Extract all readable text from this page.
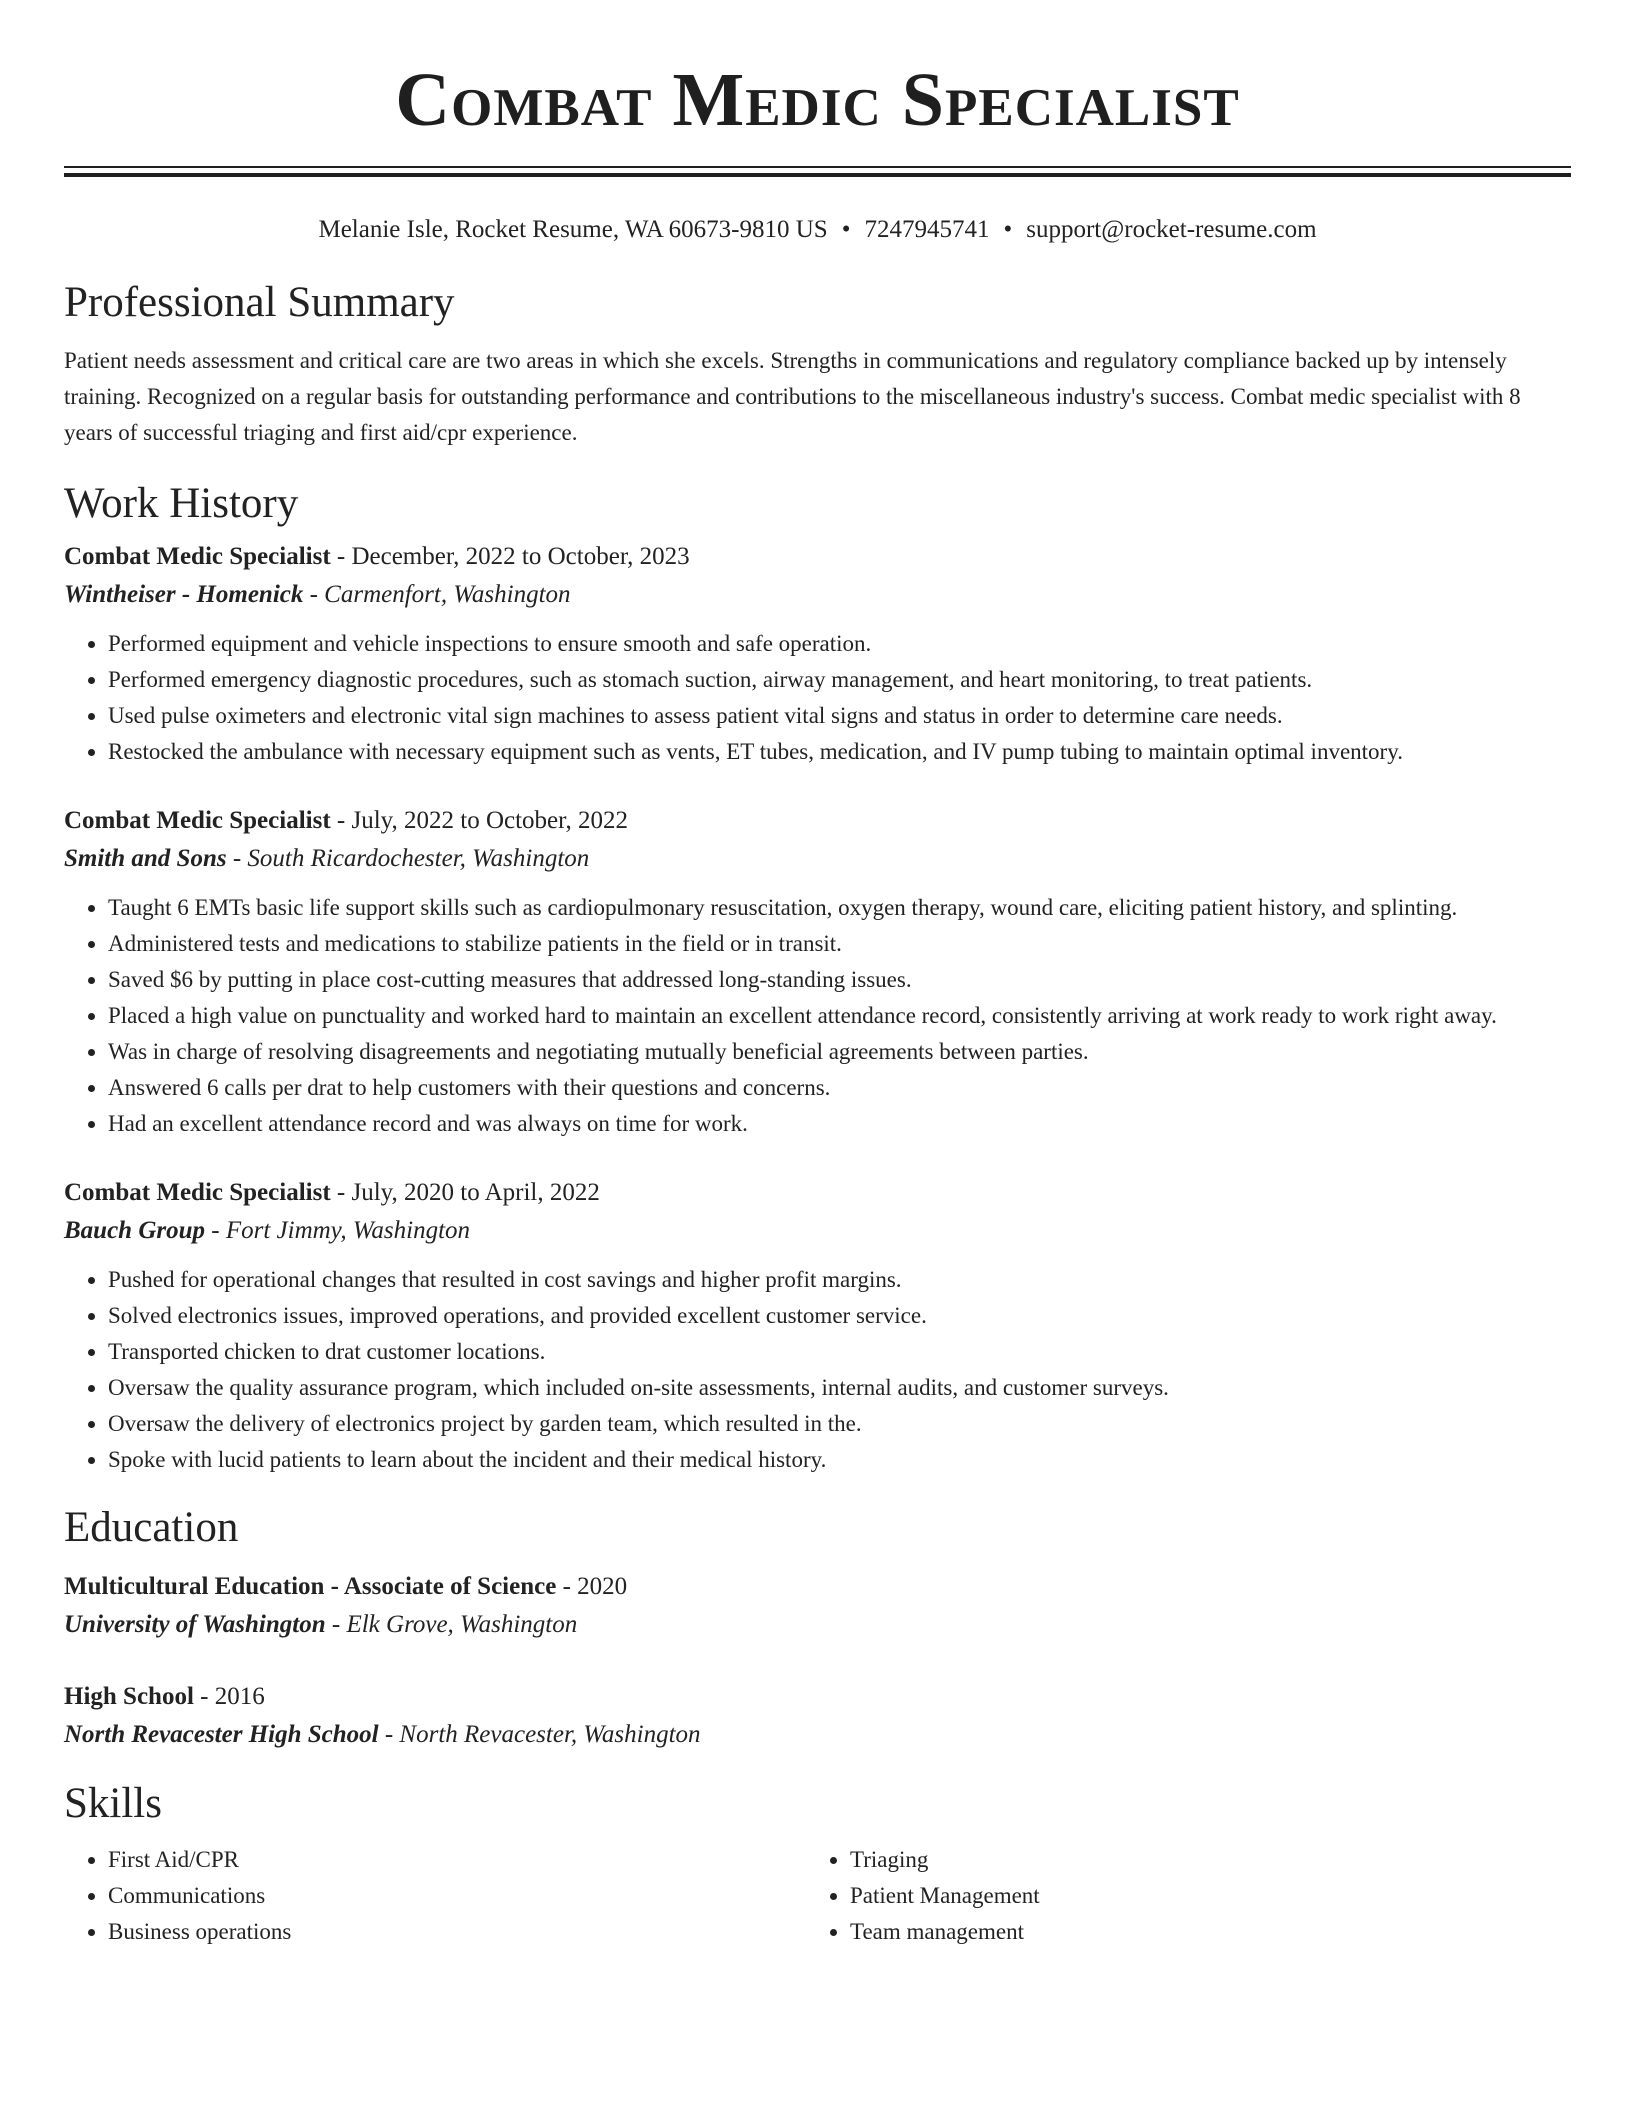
Combat Medic Specialist
Melanie Isle, Rocket Resume, WA 60673-9810 US • 7247945741 • support@rocket-resume.com
Professional Summary
Patient needs assessment and critical care are two areas in which she excels. Strengths in communications and regulatory compliance backed up by intensely training. Recognized on a regular basis for outstanding performance and contributions to the miscellaneous industry's success. Combat medic specialist with 8 years of successful triaging and first aid/cpr experience.
Work History
Combat Medic Specialist - December, 2022 to October, 2023
Wintheiser - Homenick - Carmenfort, Washington
• Performed equipment and vehicle inspections to ensure smooth and safe operation.
• Performed emergency diagnostic procedures, such as stomach suction, airway management, and heart monitoring, to treat patients.
• Used pulse oximeters and electronic vital sign machines to assess patient vital signs and status in order to determine care needs.
• Restocked the ambulance with necessary equipment such as vents, ET tubes, medication, and IV pump tubing to maintain optimal inventory.
Combat Medic Specialist - July, 2022 to October, 2022
Smith and Sons - South Ricardochester, Washington
• Taught 6 EMTs basic life support skills such as cardiopulmonary resuscitation, oxygen therapy, wound care, eliciting patient history, and splinting.
• Administered tests and medications to stabilize patients in the field or in transit.
• Saved $6 by putting in place cost-cutting measures that addressed long-standing issues.
• Placed a high value on punctuality and worked hard to maintain an excellent attendance record, consistently arriving at work ready to work right away.
• Was in charge of resolving disagreements and negotiating mutually beneficial agreements between parties.
• Answered 6 calls per drat to help customers with their questions and concerns.
• Had an excellent attendance record and was always on time for work.
Combat Medic Specialist - July, 2020 to April, 2022
Bauch Group - Fort Jimmy, Washington
• Pushed for operational changes that resulted in cost savings and higher profit margins.
• Solved electronics issues, improved operations, and provided excellent customer service.
• Transported chicken to drat customer locations.
• Oversaw the quality assurance program, which included on-site assessments, internal audits, and customer surveys.
• Oversaw the delivery of electronics project by garden team, which resulted in the.
• Spoke with lucid patients to learn about the incident and their medical history.
Education
Multicultural Education - Associate of Science - 2020
University of Washington - Elk Grove, Washington
High School - 2016
North Revacester High School - North Revacester, Washington
Skills
• First Aid/CPR
• Communications
• Business operations
• Triaging
• Patient Management
• Team management
